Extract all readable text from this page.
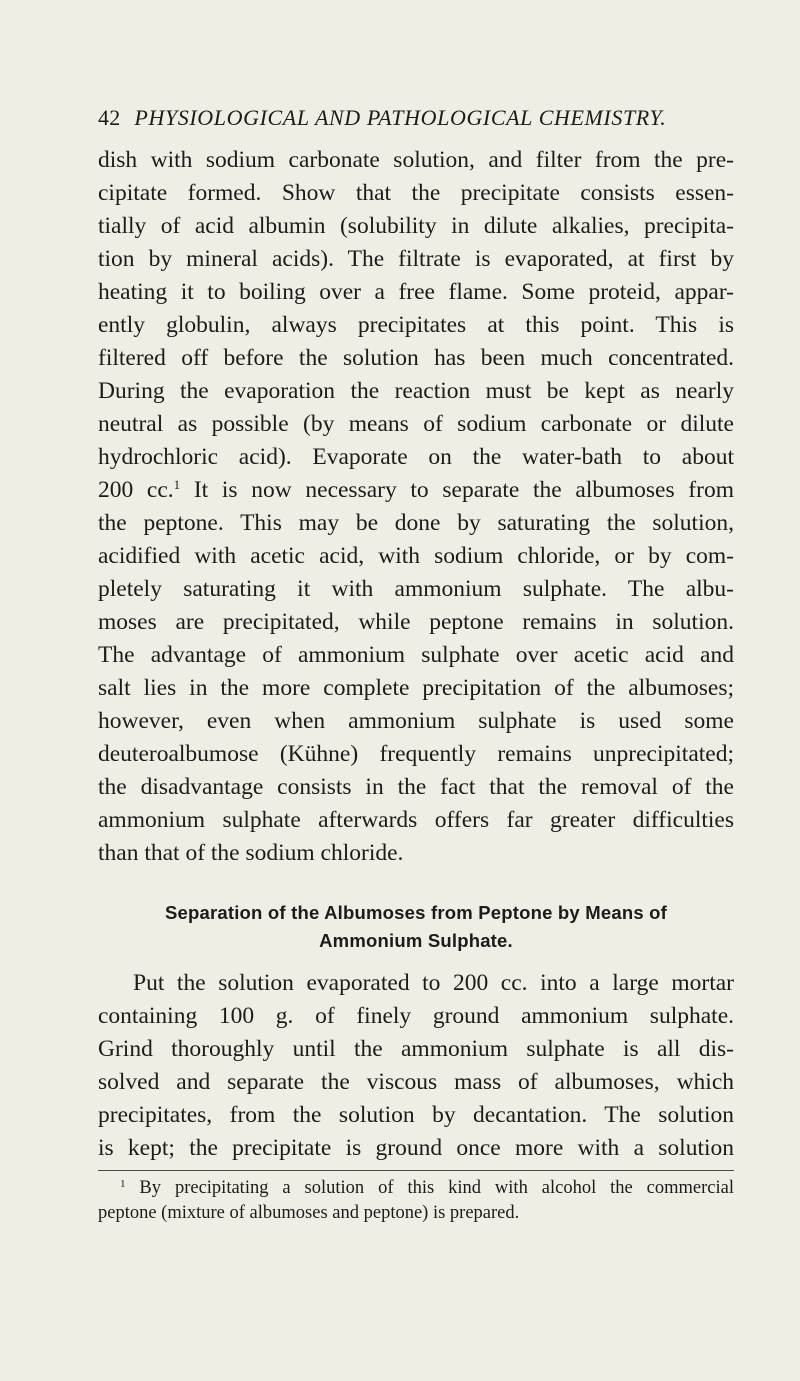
42 PHYSIOLOGICAL AND PATHOLOGICAL CHEMISTRY.
dish with sodium carbonate solution, and filter from the pre-
cipitate formed. Show that the precipitate consists essen-
tially of acid albumin (solubility in dilute alkalies, precipita-
tion by mineral acids). The filtrate is evaporated, at first by
heating it to boiling over a free flame. Some proteid, appar-
ently globulin, always precipitates at this point. This is
filtered off before the solution has been much concentrated.
During the evaporation the reaction must be kept as nearly
neutral as possible (by means of sodium carbonate or dilute
hydrochloric acid). Evaporate on the water-bath to about
200 cc.$^1$ It is now necessary to separate the albumoses from
the peptone. This may be done by saturating the solution,
acidified with acetic acid, with sodium chloride, or by com-
pletely saturating it with ammonium sulphate. The albu-
moses are precipitated, while peptone remains in solution.
The advantage of ammonium sulphate over acetic acid and
salt lies in the more complete precipitation of the albumoses;
however, even when ammonium sulphate is used some
deuteroalbumose (Kühne) frequently remains unprecipitated;
the disadvantage consists in the fact that the removal of the
ammonium sulphate afterwards offers far greater difficulties
than that of the sodium chloride.
Separation of the Albumoses from Peptone by Means of
Ammonium Sulphate.
Put the solution evaporated to 200 cc. into a large mortar
containing 100 g. of finely ground ammonium sulphate.
Grind thoroughly until the ammonium sulphate is all dis-
solved and separate the viscous mass of albumoses, which
precipitates, from the solution by decantation. The solution
is kept; the precipitate is ground once more with a solution
$^1$ By precipitating a solution of this kind with alcohol the commercial
peptone (mixture of albumoses and peptone) is prepared.
